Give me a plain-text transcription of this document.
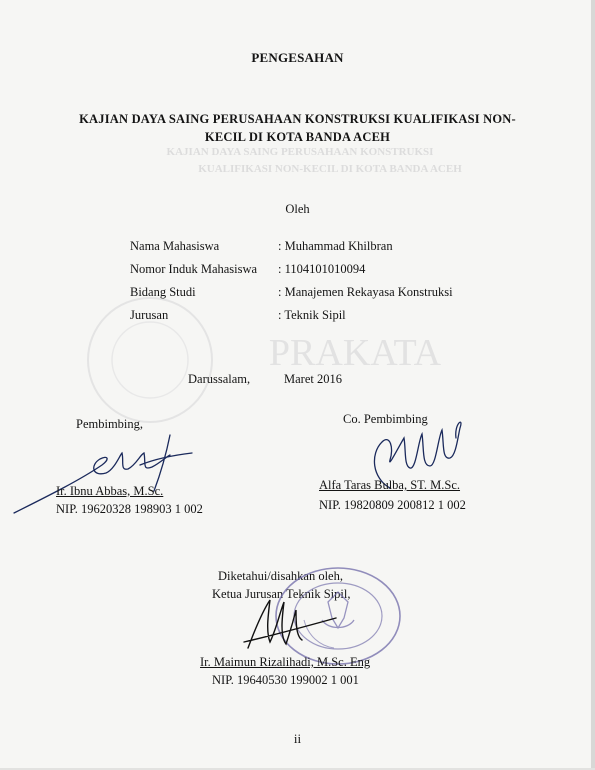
KAJIAN DAYA SAING PERUSAHAAN KONSTRUKSI
KUALIFIKASI NON-KECIL DI KOTA BANDA ACEH
PRAKATA
PENGESAHAN
KAJIAN DAYA SAING PERUSAHAAN KONSTRUKSI KUALIFIKASI NON-
KECIL DI KOTA BANDA ACEH
Oleh
Nama Mahasiswa	: Muhammad Khilbran
Nomor Induk Mahasiswa : 1104101010094
Bidang Studi	: Manajemen Rekayasa Konstruksi
Jurusan	: Teknik Sipil
Darussalam,	Maret 2016
Pembimbing,
Ir. Ibnu Abbas, M.Sc.
NIP. 19620328 198903 1 002
Co. Pembimbing
Alfa Taras Bulba, ST. M.Sc.
NIP. 19820809 200812 1 002
Diketahui/disahkan oleh,
Ketua Jurusan Teknik Sipil,
Ir. Maimun Rizalihadi, M.Sc. Eng
NIP. 19640530 199002 1 001
ii
